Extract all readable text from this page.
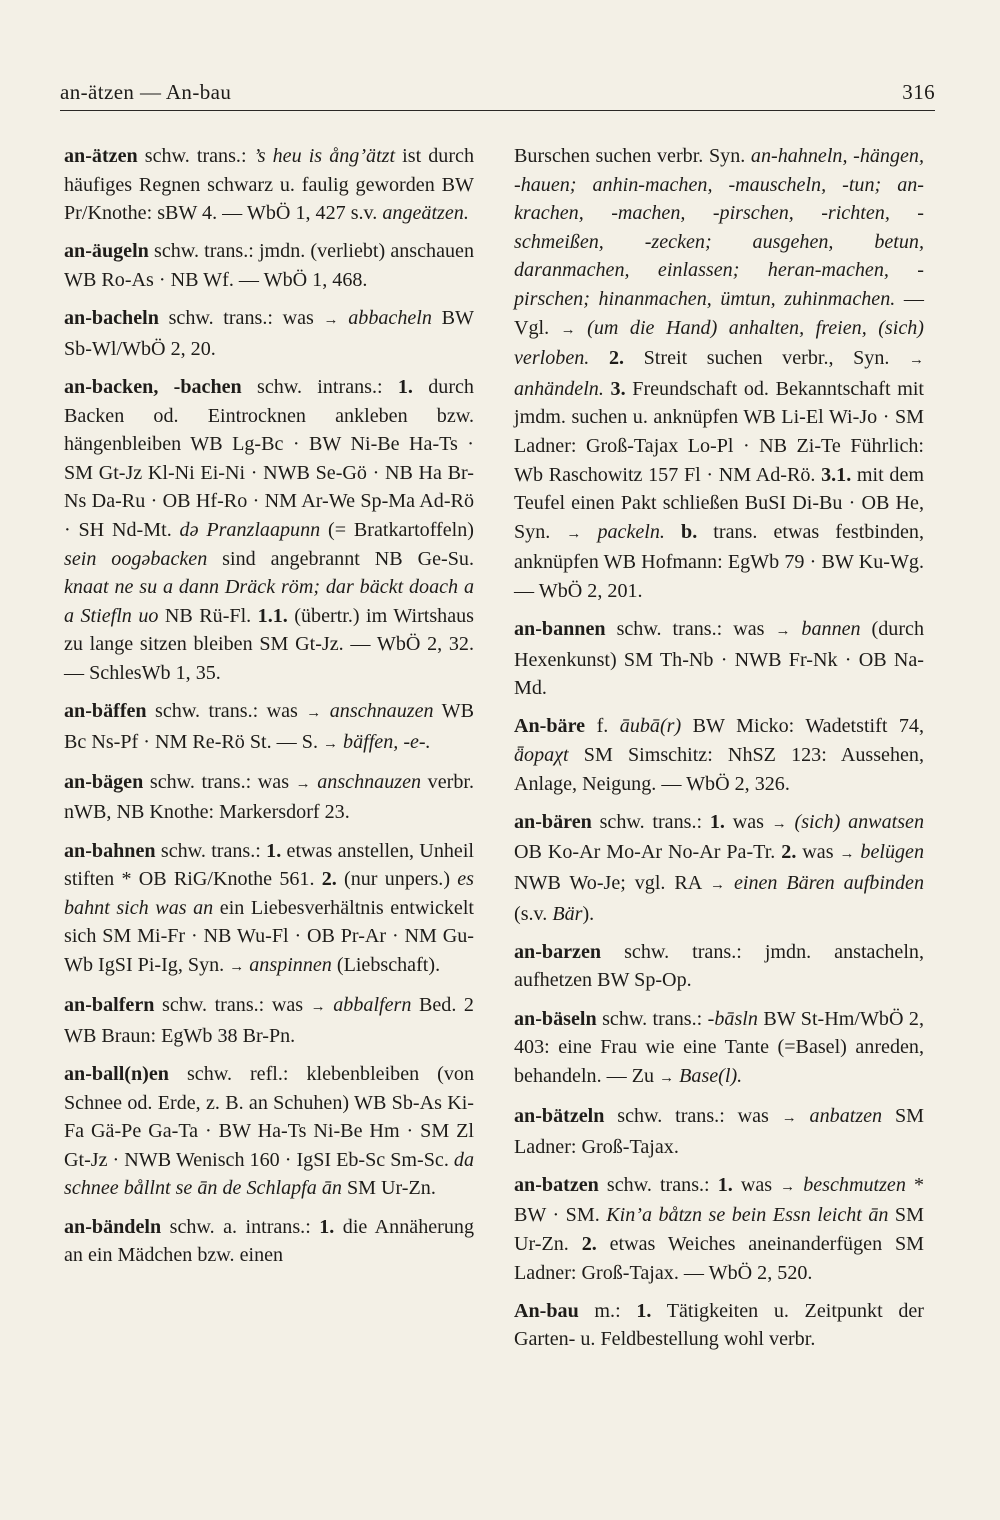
an-ätzen — An-bau	316

an-ätzen schw. trans.: ’s heu is ång’ätzt ist durch häufiges Regnen schwarz u. faulig geworden BW Pr/Knothe: sBW 4. — WbÖ 1, 427 s.v. angeätzen.

an-äugeln schw. trans.: jmdn. (verliebt) anschauen WB Ro-As · NB Wf. — WbÖ 1, 468.

an-bacheln schw. trans.: was → abbacheln BW Sb-Wl/WbÖ 2, 20.

an-backen, -bachen schw. intrans.: 1. durch Backen od. Eintrocknen ankleben bzw. hängenbleiben WB Lg-Bc · BW Ni-Be Ha-Ts · SM Gt-Jz Kl-Ni Ei-Ni · NWB Se-Gö · NB Ha Br-Ns Da-Ru · OB Hf-Ro · NM Ar-We Sp-Ma Ad-Rö · SH Nd-Mt. də Pranzlaapunn (= Bratkartoffeln) sein oogəbacken sind angebrannt NB Ge-Su. knaat ne su a dann Dräck röm; dar bäckt doach a a Stiefln uo NB Rü-Fl. 1.1. (übertr.) im Wirtshaus zu lange sitzen bleiben SM Gt-Jz. — WbÖ 2, 32. — SchlesWb 1, 35.

an-bäffen schw. trans.: was → anschnauzen WB Bc Ns-Pf · NM Re-Rö St. — S. → bäffen, -e-.

an-bägen schw. trans.: was → anschnauzen verbr. nWB, NB Knothe: Markersdorf 23.

an-bahnen schw. trans.: 1. etwas anstellen, Unheil stiften * OB RiG/Knothe 561. 2. (nur unpers.) es bahnt sich was an ein Liebesverhältnis entwickelt sich SM Mi-Fr · NB Wu-Fl · OB Pr-Ar · NM Gu-Wb IgSI Pi-Ig, Syn. → anspinnen (Liebschaft).

an-balfern schw. trans.: was → abbalfern Bed. 2 WB Braun: EgWb 38 Br-Pn.

an-ball(n)en schw. refl.: klebenbleiben (von Schnee od. Erde, z. B. an Schuhen) WB Sb-As Ki-Fa Gä-Pe Ga-Ta · BW Ha-Ts Ni-Be Hm · SM Zl Gt-Jz · NWB Wenisch 160 · IgSI Eb-Sc Sm-Sc. da schnee bållnt se ān de Schlapfa ān SM Ur-Zn.

an-bändeln schw. a. intrans.: 1. die Annäherung an ein Mädchen bzw. einen

Burschen suchen verbr. Syn. an-hahneln, -hängen, -hauen; anhin-machen, -mauscheln, -tun; an-krachen, -machen, -pirschen, -richten, -schmeißen, -zecken; ausgehen, betun, daranmachen, einlassen; heran-machen, -pirschen; hinanmachen, ümtun, zuhinmachen. — Vgl. → (um die Hand) anhalten, freien, (sich) verloben. 2. Streit suchen verbr., Syn. → anhändeln. 3. Freundschaft od. Bekanntschaft mit jmdm. suchen u. anknüpfen WB Li-El Wi-Jo · SM Ladner: Groß-Tajax Lo-Pl · NB Zi-Te Führlich: Wb Raschowitz 157 Fl · NM Ad-Rö. 3.1. mit dem Teufel einen Pakt schließen BuSI Di-Bu · OB He, Syn. → packeln. b. trans. etwas festbinden, anknüpfen WB Hofmann: EgWb 79 · BW Ku-Wg. — WbÖ 2, 201.

an-bannen schw. trans.: was → bannen (durch Hexenkunst) SM Th-Nb · NWB Fr-Nk · OB Na-Md.

An-bäre f. āubā(r) BW Micko: Wadetstift 74, ǟopaχt SM Simschitz: NhSZ 123: Aussehen, Anlage, Neigung. — WbÖ 2, 326.

an-bären schw. trans.: 1. was → (sich) anwatsen OB Ko-Ar Mo-Ar No-Ar Pa-Tr. 2. was → belügen NWB Wo-Je; vgl. RA → einen Bären aufbinden (s.v. Bär).

an-barzen schw. trans.: jmdn. anstacheln, aufhetzen BW Sp-Op.

an-bäseln schw. trans.: -bāsln BW St-Hm/WbÖ 2, 403: eine Frau wie eine Tante (=Basel) anreden, behandeln. — Zu → Base(l).

an-bätzeln schw. trans.: was → anbatzen SM Ladner: Groß-Tajax.

an-batzen schw. trans.: 1. was → beschmutzen * BW · SM. Kin’a båtzn se bein Essn leicht ān SM Ur-Zn. 2. etwas Weiches aneinanderfügen SM Ladner: Groß-Tajax. — WbÖ 2, 520.

An-bau m.: 1. Tätigkeiten u. Zeitpunkt der Garten- u. Feldbestellung wohl verbr.
